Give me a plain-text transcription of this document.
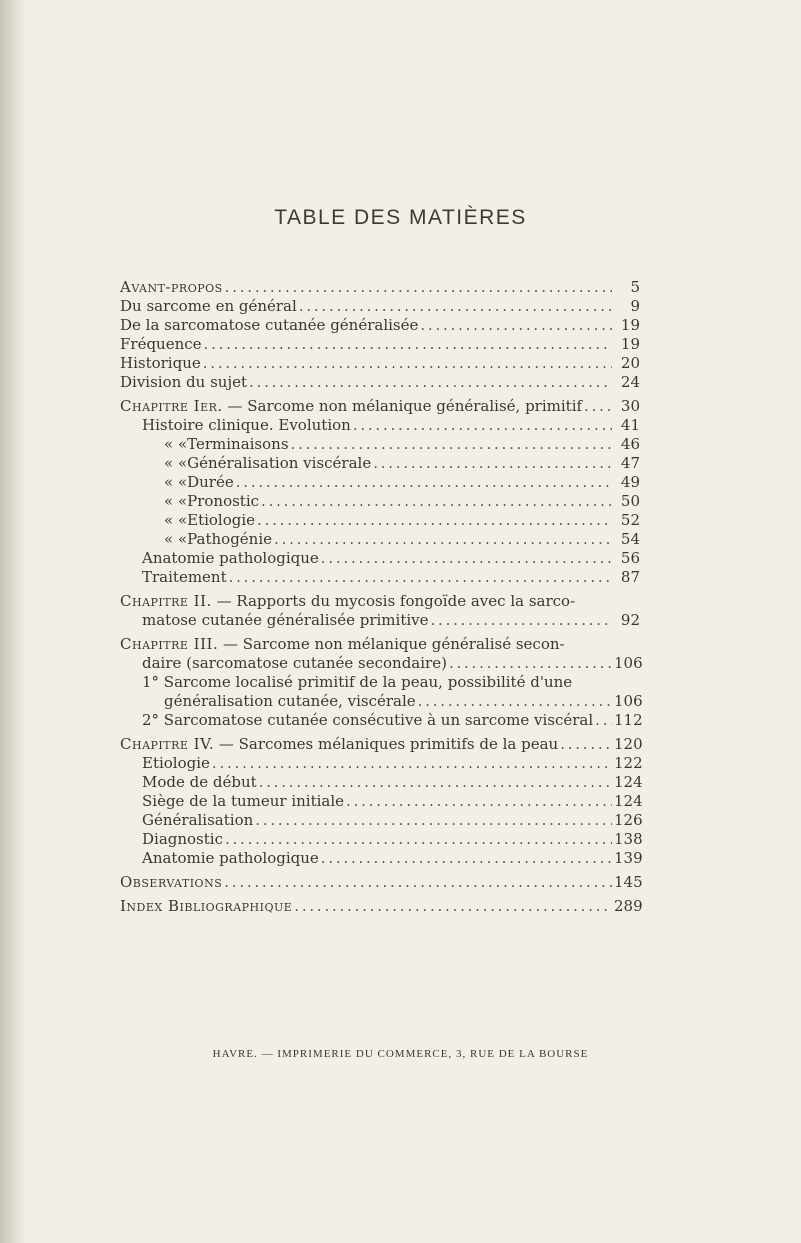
TABLE DES MATIÈRES
Avant-propos . . .	5
Du sarcome en général . . .	9
De la sarcomatose cutanée généralisée . . .	19
Fréquence . . .	19
Historique . . .	20
Division du sujet . . .	24
Chapitre Ier. — Sarcome non mélanique généralisé, primitif . . .	30
Histoire clinique. Evolution . . .	41
« « Terminaisons . . .	46
« « Généralisation viscérale . . .	47
« « Durée . . .	49
« « Pronostic . . .	50
« « Etiologie . . .	52
« « Pathogénie . . .	54
Anatomie pathologique . . .	56
Traitement . . .	87
Chapitre II. — Rapports du mycosis fongoïde avec la sarco-
matose cutanée généralisée primitive . . .	92
Chapitre III. — Sarcome non mélanique généralisé secon-
daire (sarcomatose cutanée secondaire) . . .	106
1° Sarcome localisé primitif de la peau, possibilité d'une
généralisation cutanée, viscérale . . .	106
2° Sarcomatose cutanée consécutive à un sarcome viscéral . . . 112
Chapitre IV. — Sarcomes mélaniques primitifs de la peau . . .	120
Etiologie . . .	122
Mode de début . . .	124
Siège de la tumeur initiale . . .	124
Généralisation . . .	126
Diagnostic . . .	138
Anatomie pathologique . . .	139
Observations . . .	145
Index Bibliographique . . .	289
HAVRE. — IMPRIMERIE DU COMMERCE, 3, RUE DE LA BOURSE
